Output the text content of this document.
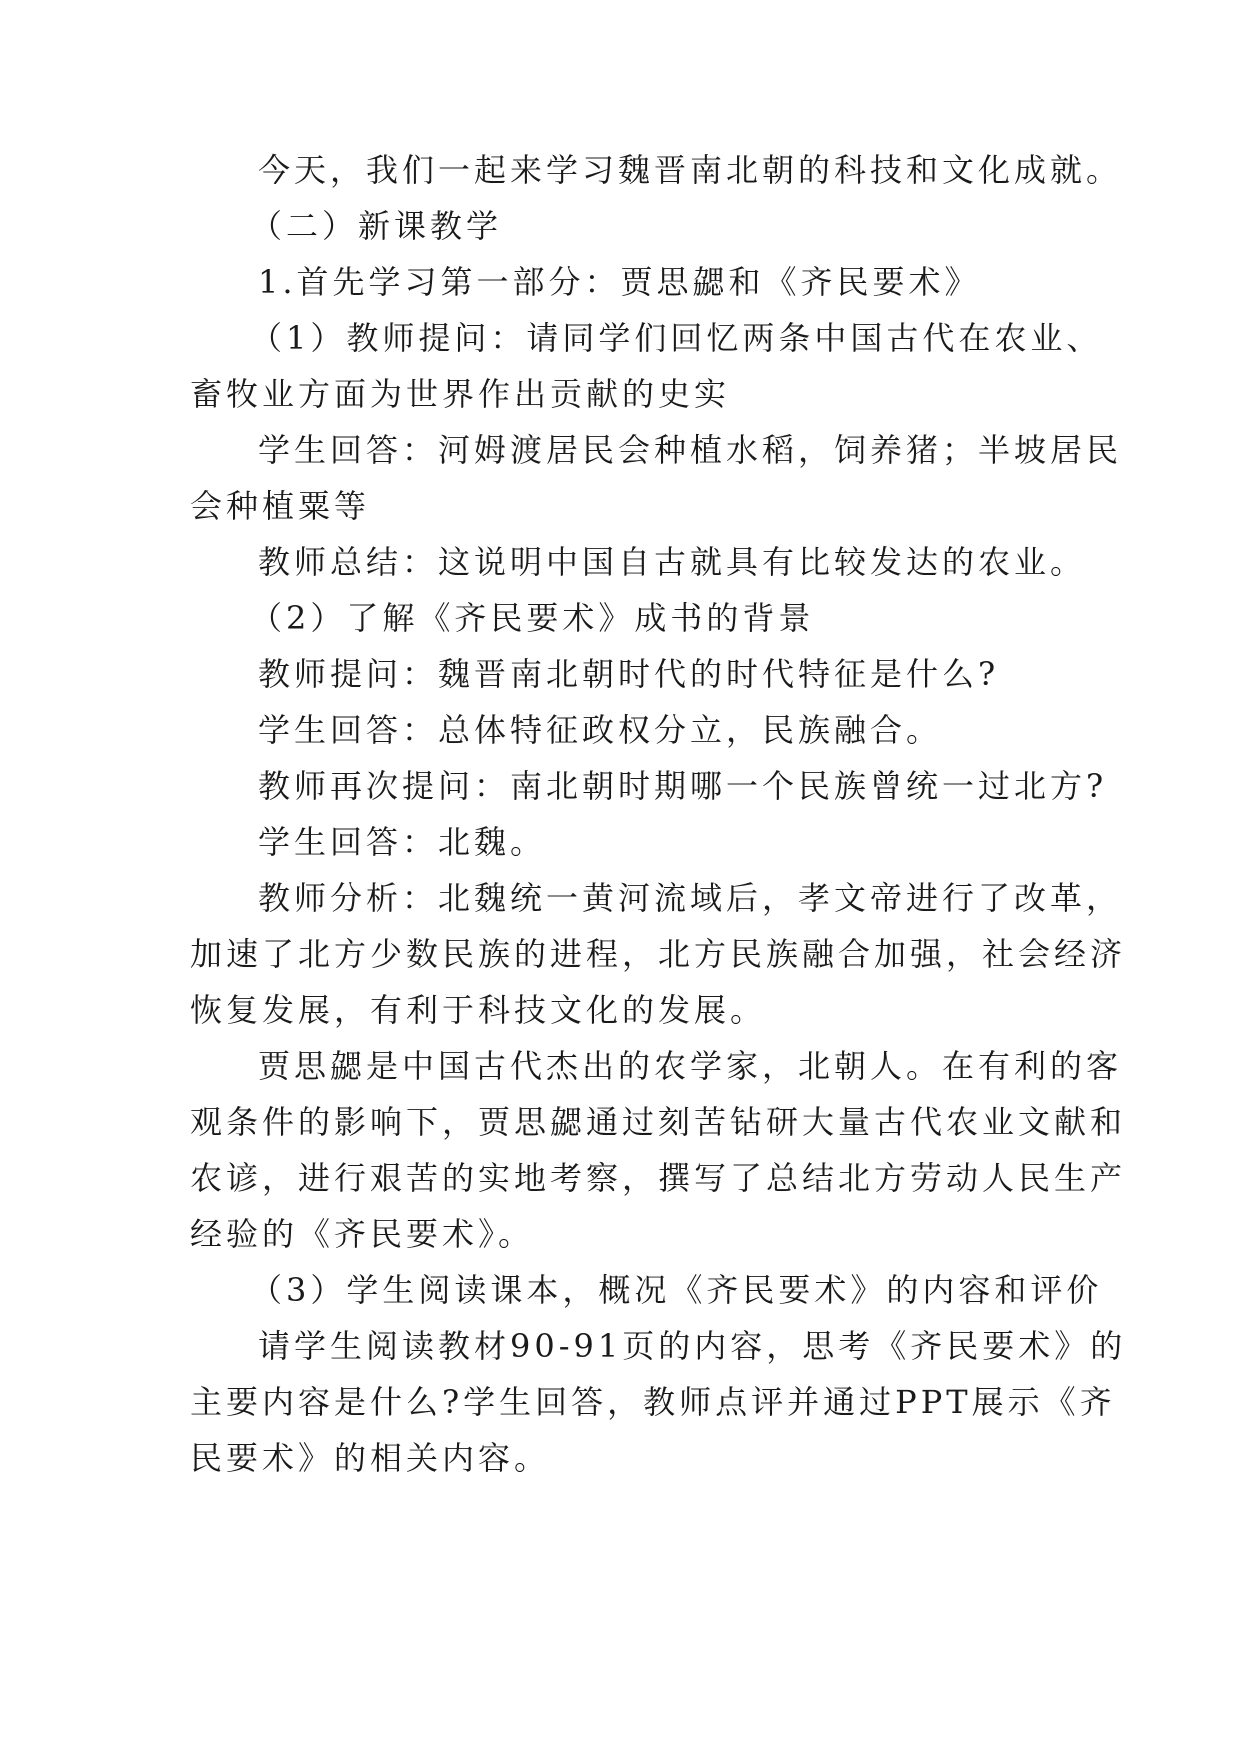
今天，我们一起来学习魏晋南北朝的科技和文化成就。
（二）新课教学
1.首先学习第一部分：贾思勰和《齐民要术》
（1）教师提问：请同学们回忆两条中国古代在农业、
畜牧业方面为世界作出贡献的史实
学生回答：河姆渡居民会种植水稻，饲养猪；半坡居民
会种植粟等
教师总结：这说明中国自古就具有比较发达的农业。
（2）了解《齐民要术》成书的背景
教师提问：魏晋南北朝时代的时代特征是什么?
学生回答：总体特征政权分立，民族融合。
教师再次提问：南北朝时期哪一个民族曾统一过北方?
学生回答：北魏。
教师分析：北魏统一黄河流域后，孝文帝进行了改革，
加速了北方少数民族的进程，北方民族融合加强，社会经济
恢复发展，有利于科技文化的发展。
贾思勰是中国古代杰出的农学家，北朝人。在有利的客
观条件的影响下，贾思勰通过刻苦钻研大量古代农业文献和
农谚，进行艰苦的实地考察，撰写了总结北方劳动人民生产
经验的《齐民要术》。
（3）学生阅读课本，概况《齐民要术》的内容和评价
请学生阅读教材90-91页的内容，思考《齐民要术》的
主要内容是什么?学生回答，教师点评并通过PPT展示《齐
民要术》的相关内容。
